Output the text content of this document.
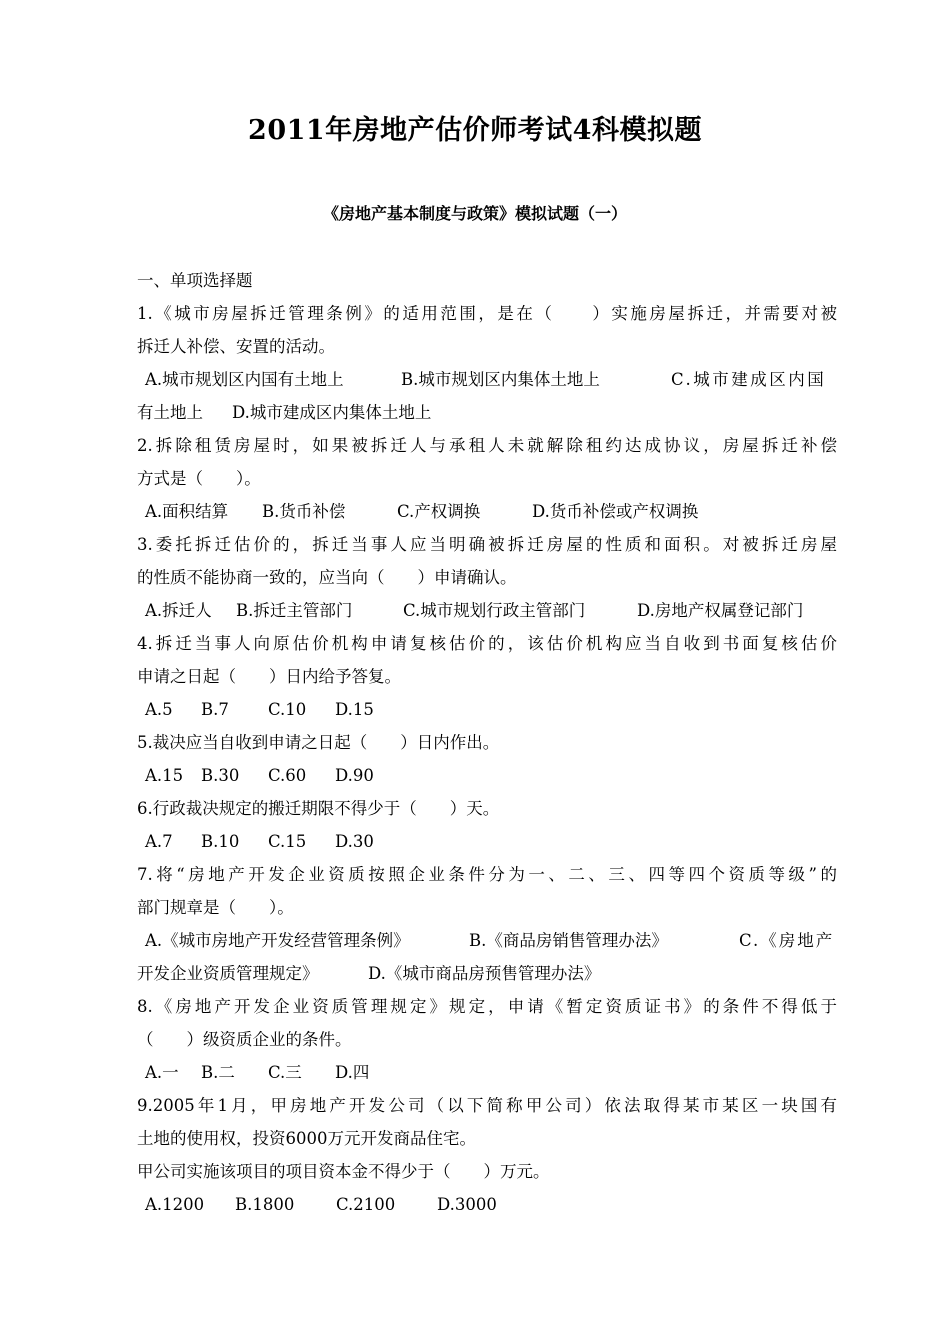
2011年房地产估价师考试4科模拟题
《房地产基本制度与政策》模拟试题（一）
一、单项选择题
1.《城市房屋拆迁管理条例》的适用范围，是在（　　）实施房屋拆迁，并需要对被
拆迁人补偿、安置的活动。
A.城市规划区内国有土地上	B.城市规划区内集体土地上	C.城市建成区内国
有土地上 D.城市建成区内集体土地上
2.拆除租赁房屋时，如果被拆迁人与承租人未就解除租约达成协议，房屋拆迁补偿
方式是（　　）。
A.面积结算 B.货币补偿	C.产权调换	D.货币补偿或产权调换
3.委托拆迁估价的，拆迁当事人应当明确被拆迁房屋的性质和面积。对被拆迁房屋
的性质不能协商一致的，应当向（　　）申请确认。
A.拆迁人 B.拆迁主管部门	C.城市规划行政主管部门	D.房地产权属登记部门
4.拆迁当事人向原估价机构申请复核估价的，该估价机构应当自收到书面复核估价
申请之日起（　　）日内给予答复。
A.5 B.7 C.10 D.15
5.裁决应当自收到申请之日起（　　）日内作出。
A.15 B.30 C.60 D.90
6.行政裁决规定的搬迁期限不得少于（　　）天。
A.7 B.10 C.15 D.30
7.将“房地产开发企业资质按照企业条件分为一、二、三、四等四个资质等级”的
部门规章是（　　）。
A.《城市房地产开发经营管理条例》	B.《商品房销售管理办法》	C.《房地产
开发企业资质管理规定》	D.《城市商品房预售管理办法》
8.《房地产开发企业资质管理规定》规定，申请《暂定资质证书》的条件不得低于
（　　）级资质企业的条件。
A.一 B.二 C.三 D.四
9.2005年1月，甲房地产开发公司（以下简称甲公司）依法取得某市某区一块国有
土地的使用权，投资6000万元开发商品住宅。
甲公司实施该项目的项目资本金不得少于（　　）万元。
A.1200 B.1800	C.2100	D.3000
